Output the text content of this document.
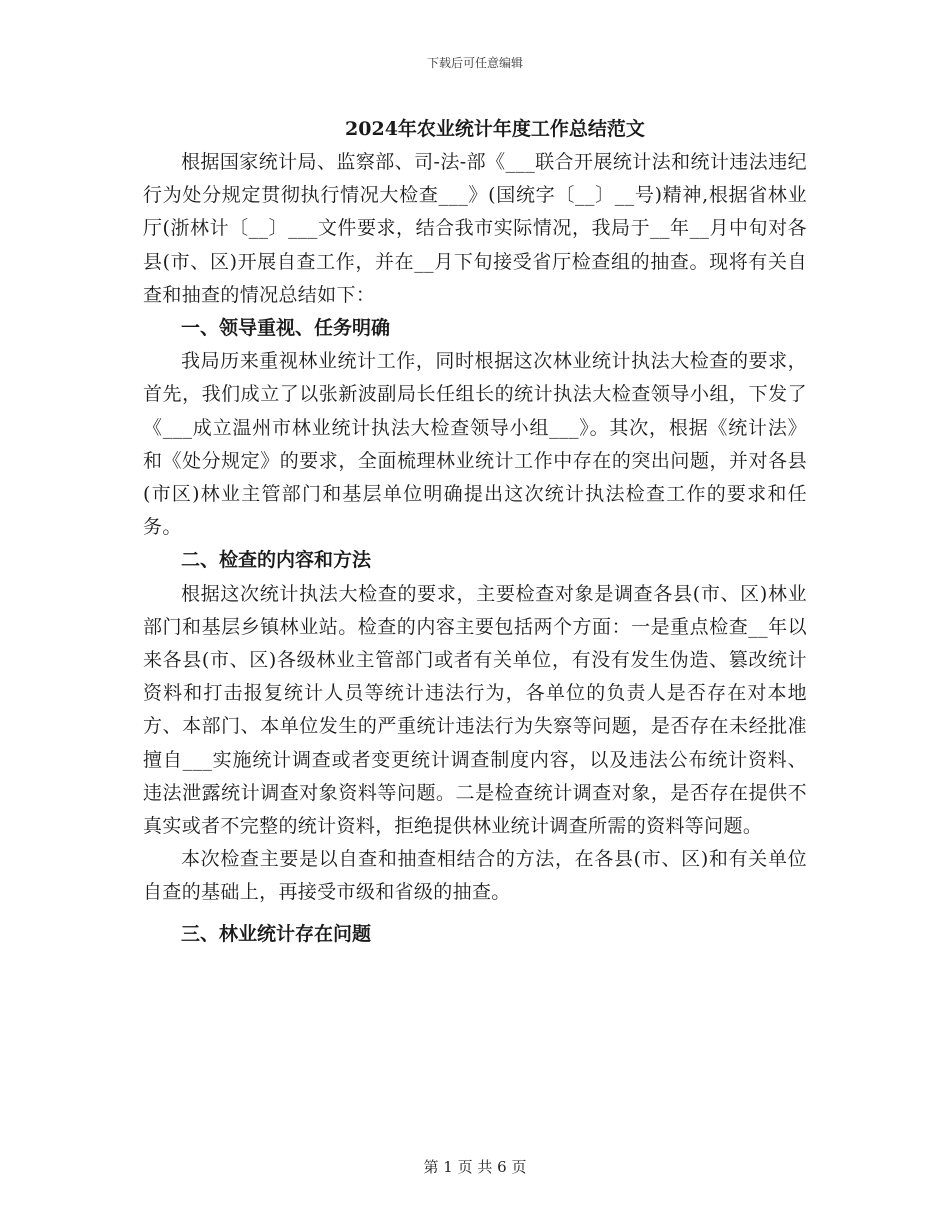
下载后可任意编辑
2024年农业统计年度工作总结范文

根据国家统计局、监察部、司-法-部《___联合开展统计法和统计违法违纪行为处分规定贯彻执行情况大检查___》(国统字〔__〕__号)精神,根据省林业厅(浙林计〔__〕___文件要求，结合我市实际情况，我局于__年__月中旬对各县(市、区)开展自查工作，并在__月下旬接受省厅检查组的抽查。现将有关自查和抽查的情况总结如下：

一、领导重视、任务明确

我局历来重视林业统计工作，同时根据这次林业统计执法大检查的要求，首先，我们成立了以张新波副局长任组长的统计执法大检查领导小组，下发了《___成立温州市林业统计执法大检查领导小组___》。其次，根据《统计法》和《处分规定》的要求，全面梳理林业统计工作中存在的突出问题，并对各县(市区)林业主管部门和基层单位明确提出这次统计执法检查工作的要求和任务。

二、检查的内容和方法

根据这次统计执法大检查的要求，主要检查对象是调查各县(市、区)林业部门和基层乡镇林业站。检查的内容主要包括两个方面：一是重点检查__年以来各县(市、区)各级林业主管部门或者有关单位，有没有发生伪造、篡改统计资料和打击报复统计人员等统计违法行为，各单位的负责人是否存在对本地方、本部门、本单位发生的严重统计违法行为失察等问题，是否存在未经批准擅自___实施统计调查或者变更统计调查制度内容，以及违法公布统计资料、违法泄露统计调查对象资料等问题。二是检查统计调查对象，是否存在提供不真实或者不完整的统计资料，拒绝提供林业统计调查所需的资料等问题。

本次检查主要是以自查和抽查相结合的方法，在各县(市、区)和有关单位自查的基础上，再接受市级和省级的抽查。

三、林业统计存在问题

第 1 页 共 6 页
